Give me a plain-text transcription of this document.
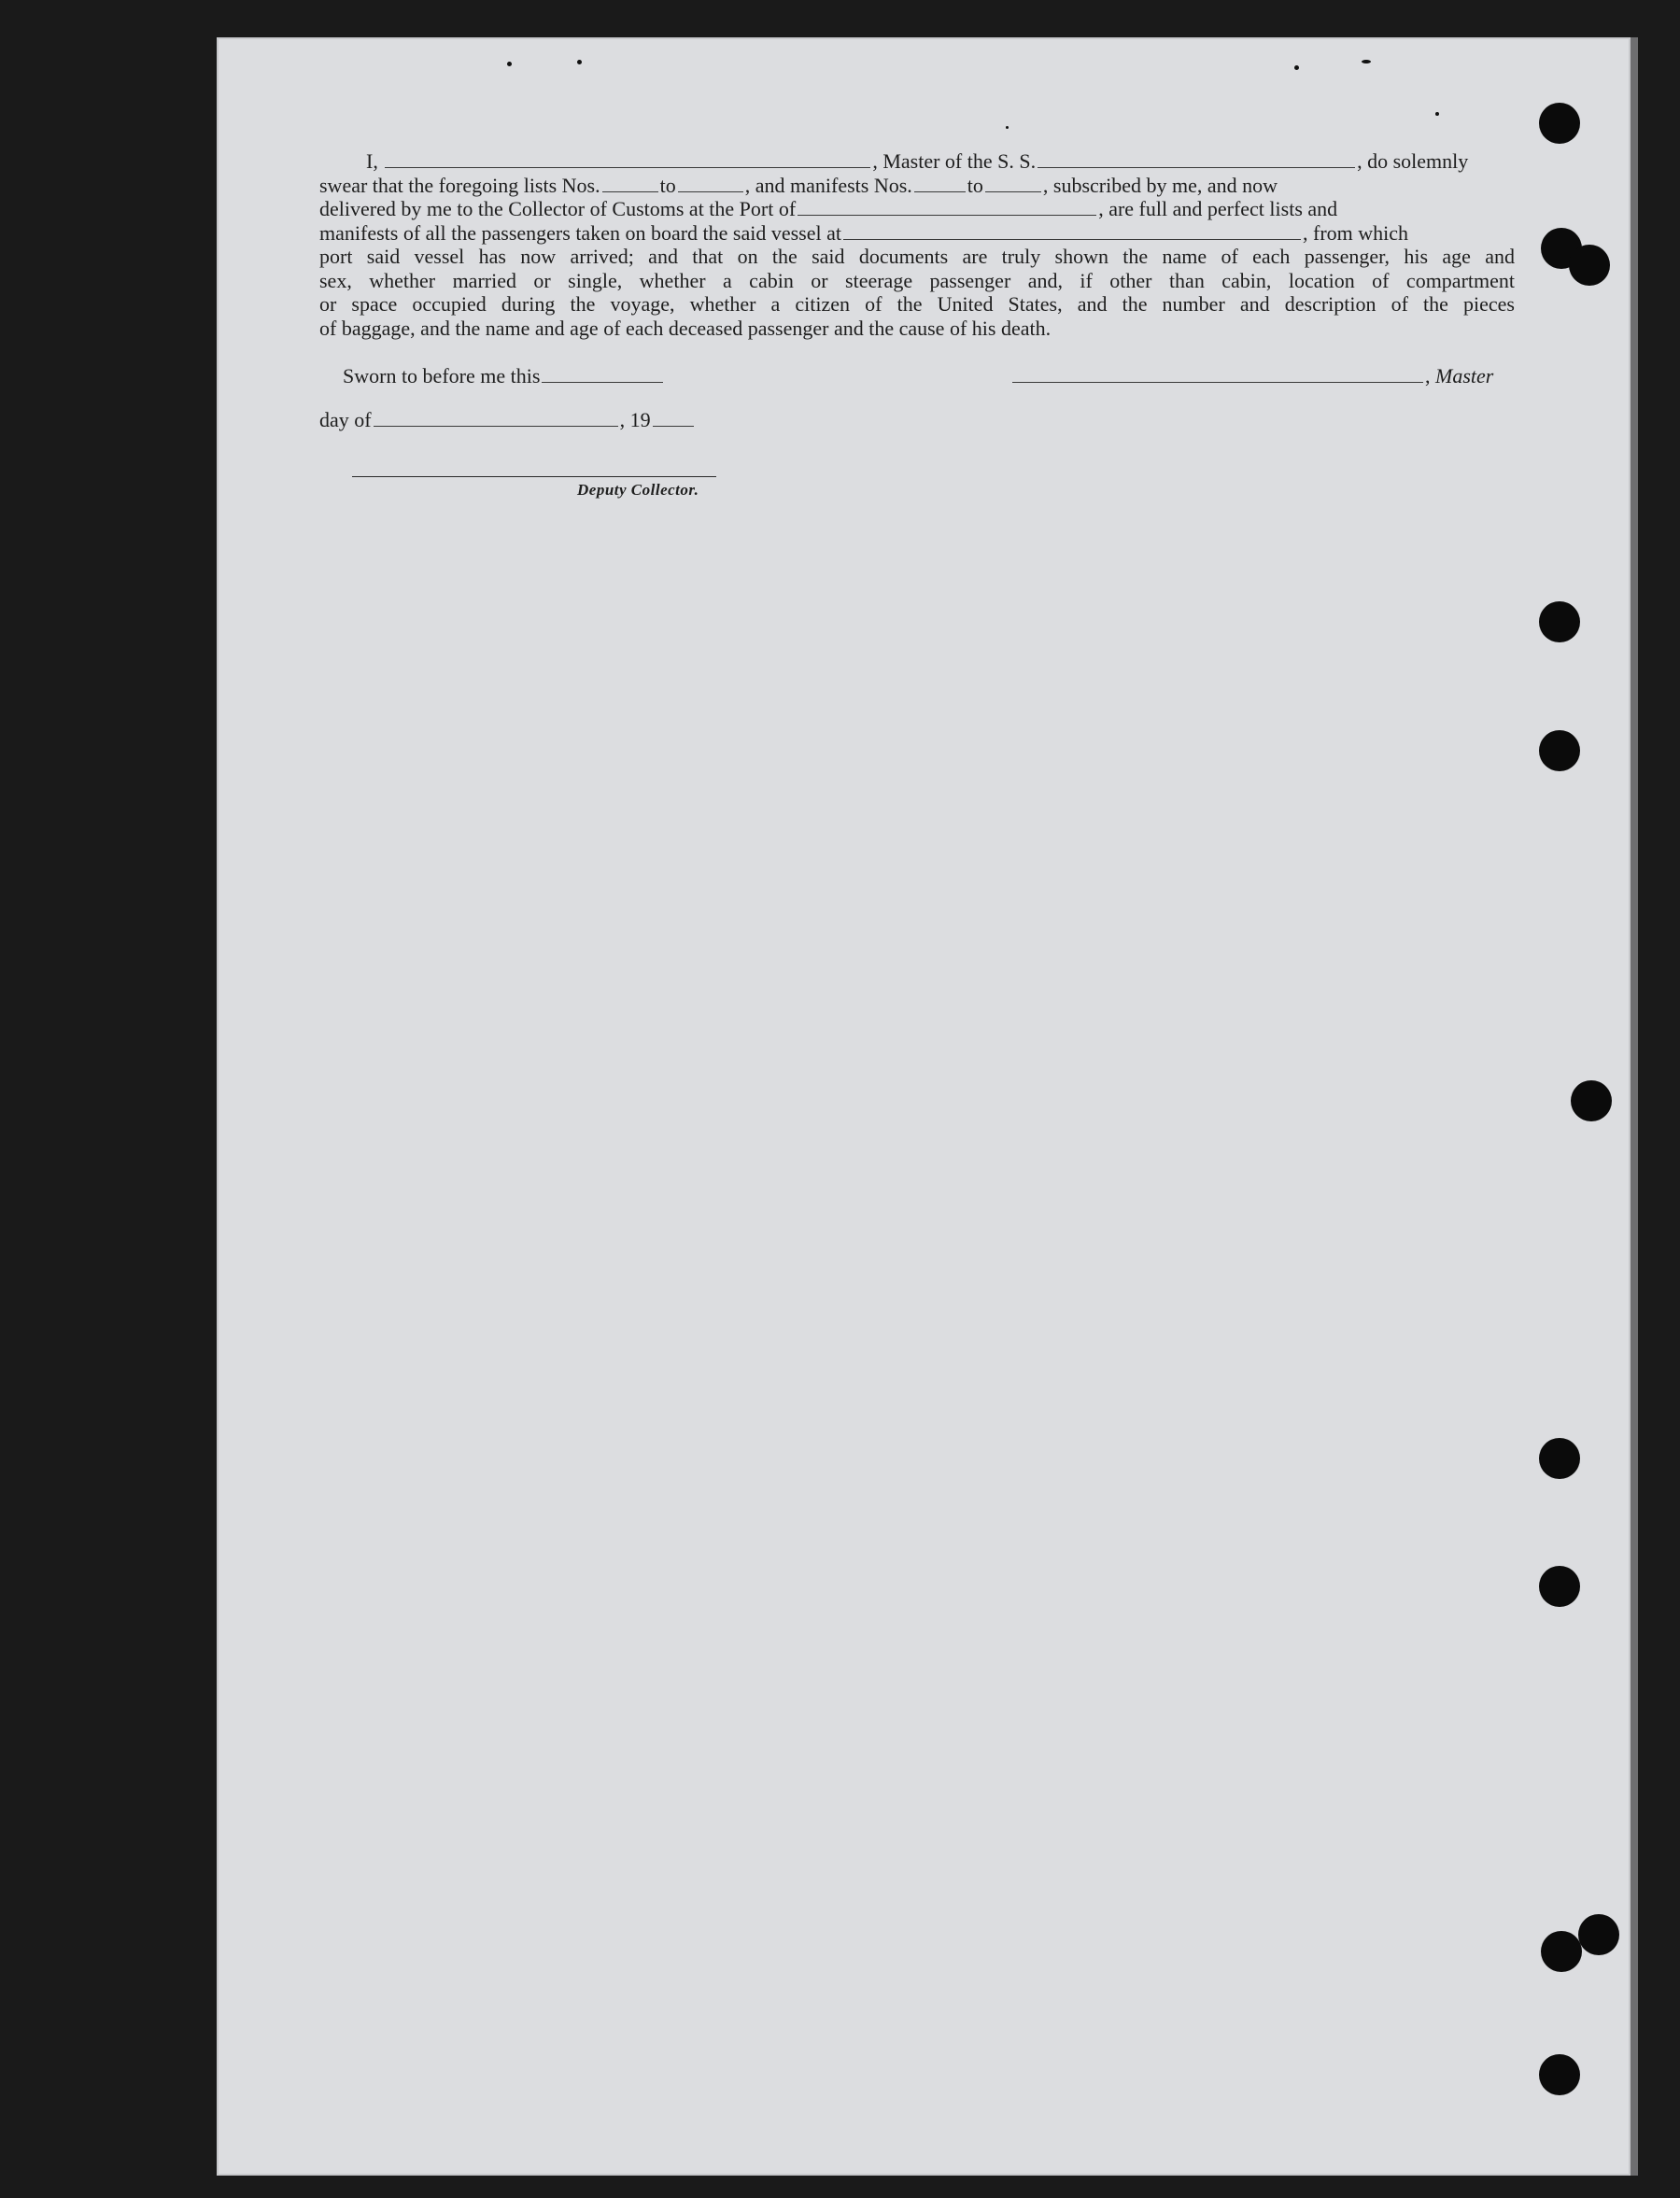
I,	, Master of the S. S.	, do solemnly
swear that the foregoing lists Nos.	to	, and manifests Nos.	to	, subscribed by me, and now
delivered by me to the Collector of Customs at the Port of	, are full and perfect lists and
manifests of all the passengers taken on board the said vessel at	, from which

port said vessel has now arrived; and that on the said documents are truly shown the name of each passenger, his age and

sex, whether married or single, whether a cabin or steerage passenger and, if other than cabin, location of compartment

or space occupied during the voyage, whether a citizen of the United States, and the number and description of the pieces

of baggage, and the name and age of each deceased passenger and the cause of his death.

Sworn to before me this	, Master
day of	, 19
Deputy Collector.
